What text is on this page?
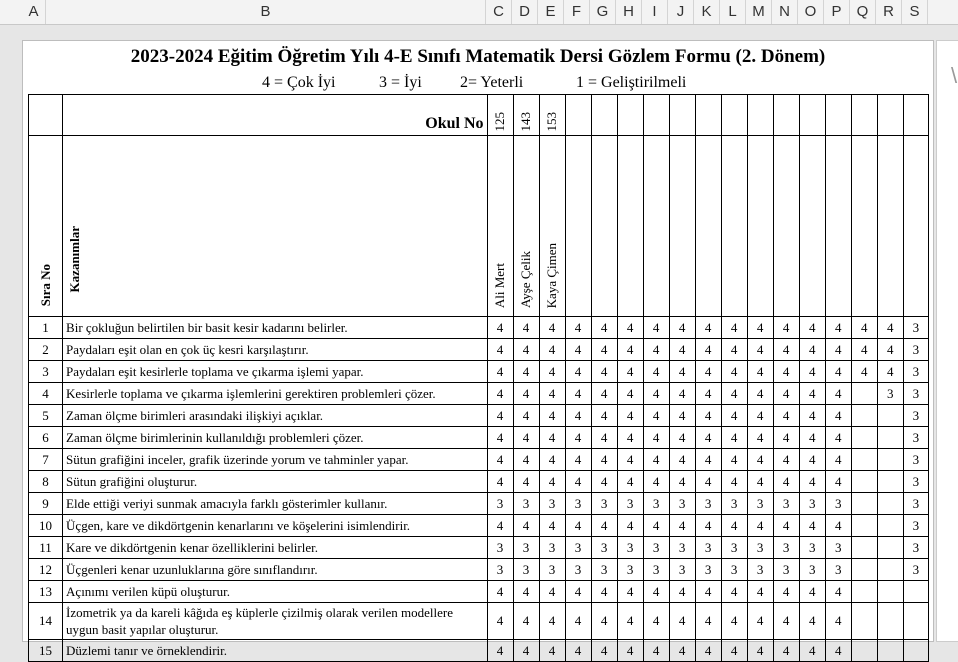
A	B	C	D	E	F	G H	I	J	K	L	M N O	P	Q R	S
\
2023-2024 Eğitim Öğretim Yılı 4-E Sınıfı Matematik Dersi Gözlem Formu (2. Dönem)
4 = Çok İyi	3 = İyi 2= Yeterli	1 = Geliştirilmeli
	Okul No	125	143	153														
Sıra No	Kazanımlar	Ali Mert	Ayşe Çelik	Kaya Çimen														
1	Bir çokluğun belirtilen bir basit kesir kadarını belirler.	4	4	4	4	4	4	4	4	4	4	4	4	4	4	4	4	3
2	Paydaları eşit olan en çok üç kesri karşılaştırır.	4	4	4	4	4	4	4	4	4	4	4	4	4	4	4	4	3
3	Paydaları eşit kesirlerle toplama ve çıkarma işlemi yapar.	4	4	4	4	4	4	4	4	4	4	4	4	4	4	4	4	3
4	Kesirlerle toplama ve çıkarma işlemlerini gerektiren problemleri çözer.	4	4	4	4	4	4	4	4	4	4	4	4	4	4		3	3
5	Zaman ölçme birimleri arasındaki ilişkiyi açıklar.	4	4	4	4	4	4	4	4	4	4	4	4	4	4			3
6	Zaman ölçme birimlerinin kullanıldığı problemleri çözer.	4	4	4	4	4	4	4	4	4	4	4	4	4	4			3
7	Sütun grafiğini inceler, grafik üzerinde yorum ve tahminler yapar.	4	4	4	4	4	4	4	4	4	4	4	4	4	4			3
8	Sütun grafiğini oluşturur.	4	4	4	4	4	4	4	4	4	4	4	4	4	4			3
9	Elde ettiği veriyi sunmak amacıyla farklı gösterimler kullanır.	3	3	3	3	3	3	3	3	3	3	3	3	3	3			3
10	Üçgen, kare ve dikdörtgenin kenarlarını ve köşelerini isimlendirir.	4	4	4	4	4	4	4	4	4	4	4	4	4	4			3
11	Kare ve dikdörtgenin kenar özelliklerini belirler.	3	3	3	3	3	3	3	3	3	3	3	3	3	3			3
12	Üçgenleri kenar uzunluklarına göre sınıflandırır.	3	3	3	3	3	3	3	3	3	3	3	3	3	3			3
13	Açınımı verilen küpü oluşturur.	4	4	4	4	4	4	4	4	4	4	4	4	4	4			
14	İzometrik ya da kareli kâğıda eş küplerle çizilmiş olarak verilen modellere uygun basit yapılar oluşturur.	4	4	4	4	4	4	4	4	4	4	4	4	4	4			
15	Düzlemi tanır ve örneklendirir.	4	4	4	4	4	4	4	4	4	4	4	4	4	4			
